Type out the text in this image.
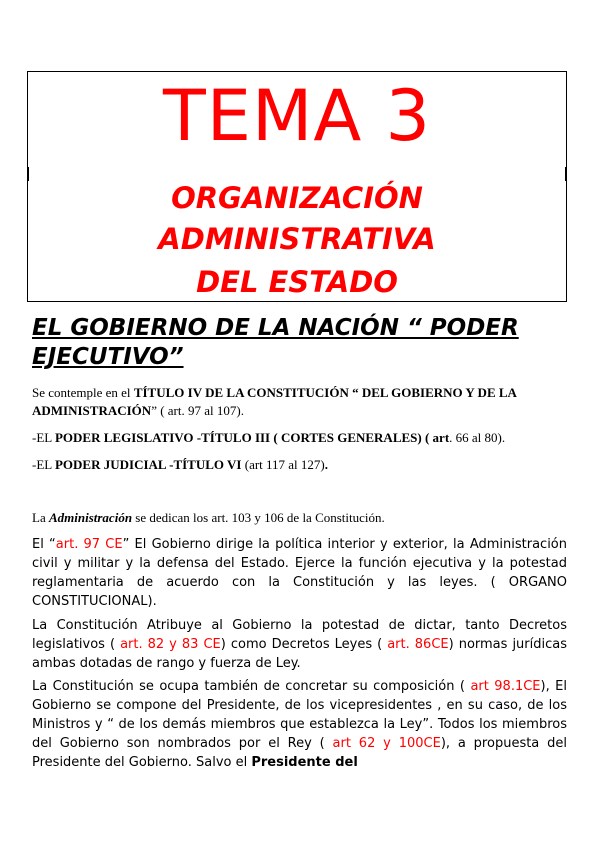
TEMA 3
ORGANIZACIÓN
ADMINISTRATIVA
DEL ESTADO
EL GOBIERNO DE LA NACIÓN “ PODER
EJECUTIVO”
Se contemple en el TÍTULO IV DE LA CONSTITUCIÓN “ DEL GOBIERNO Y DE LA ADMINISTRACIÓN” ( art. 97 al 107).
-EL PODER LEGISLATIVO -TÍTULO III ( CORTES GENERALES) ( art. 66 al 80).
-EL PODER JUDICIAL -TÍTULO VI (art 117 al 127).
La Administración se dedican los art. 103 y 106 de la Constitución.
El “art. 97 CE” El Gobierno dirige la política interior y exterior, la Administración civil y militar y la defensa del Estado. Ejerce la función ejecutiva y la potestad reglamentaria de acuerdo con la Constitución y las leyes. ( ORGANO CONSTITUCIONAL).
La Constitución Atribuye al Gobierno la potestad de dictar, tanto Decretos legislativos ( art. 82 y 83 CE) como Decretos Leyes ( art. 86CE) normas jurídicas ambas dotadas de rango y fuerza de Ley.
La Constitución se ocupa también de concretar su composición ( art 98.1CE), El Gobierno se compone del Presidente, de los vicepresidentes , en su caso, de los Ministros y “ de los demás miembros que establezca la Ley”. Todos los miembros del Gobierno son nombrados por el Rey ( art 62 y 100CE), a propuesta del Presidente del Gobierno. Salvo el Presidente del
